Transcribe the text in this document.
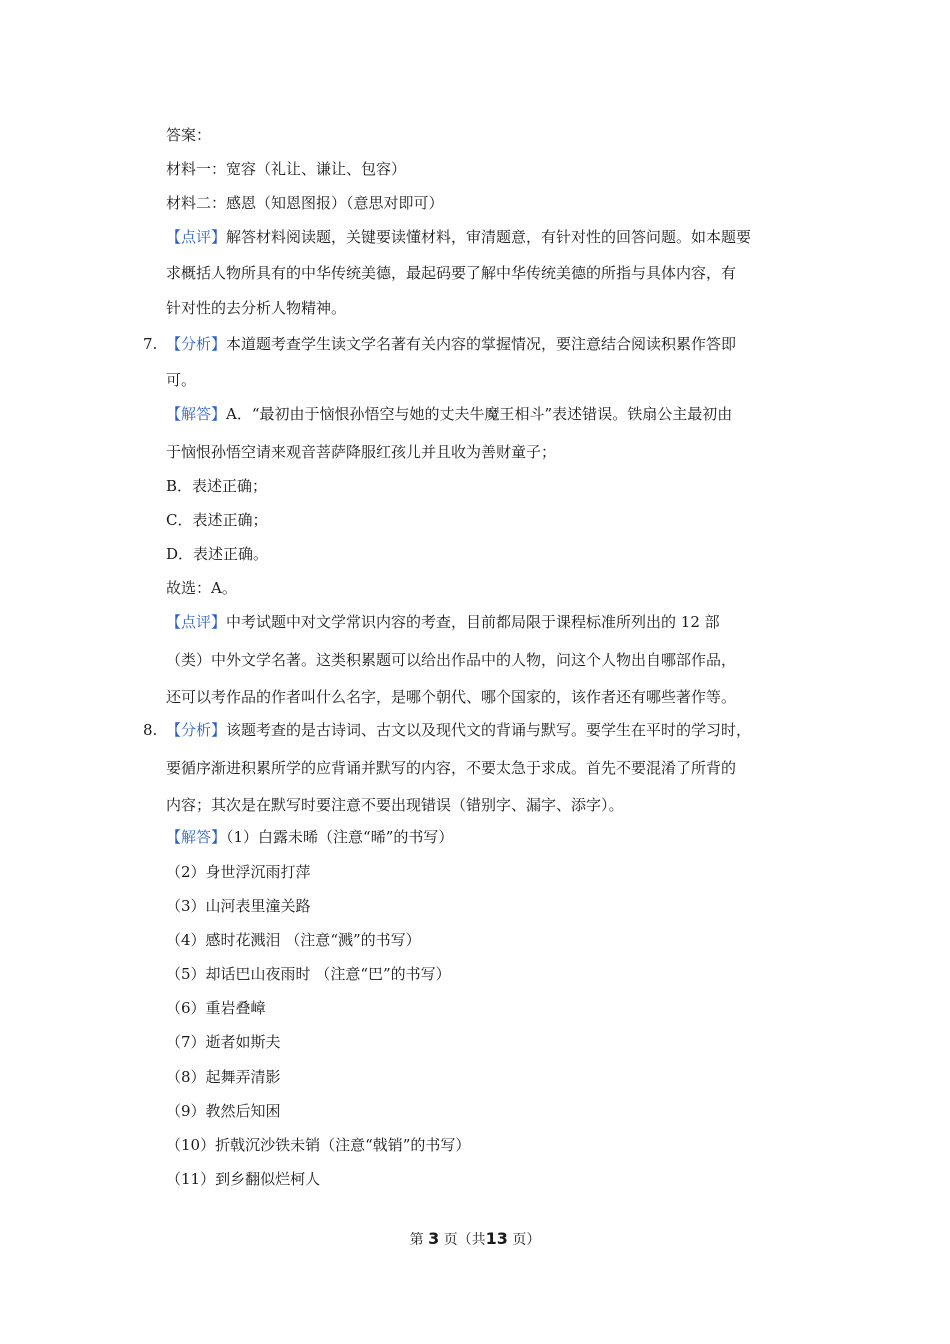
答案：
材料一：宽容（礼让、谦让、包容）
材料二：感恩（知恩图报）（意思对即可）
【点评】解答材料阅读题，关键要读懂材料，审清题意，有针对性的回答问题。如本题要
求概括人物所具有的中华传统美德，最起码要了解中华传统美德的所指与具体内容，有
针对性的去分析人物精神。
7. 【分析】本道题考查学生读文学名著有关内容的掌握情况，要注意结合阅读积累作答即
可。
【解答】A．“最初由于恼恨孙悟空与她的丈夫牛魔王相斗”表述错误。铁扇公主最初由
于恼恨孙悟空请来观音菩萨降服红孩儿并且收为善财童子；
B．表述正确；
C．表述正确；
D．表述正确。
故选：A。
【点评】中考试题中对文学常识内容的考查，目前都局限于课程标准所列出的 12 部
（类）中外文学名著。这类积累题可以给出作品中的人物，问这个人物出自哪部作品，
还可以考作品的作者叫什么名字，是哪个朝代、哪个国家的，该作者还有哪些著作等。
8. 【分析】该题考查的是古诗词、古文以及现代文的背诵与默写。要学生在平时的学习时，
要循序渐进积累所学的应背诵并默写的内容，不要太急于求成。首先不要混淆了所背的
内容；其次是在默写时要注意不要出现错误（错别字、漏字、添字）。
【解答】（1）白露未晞（注意“晞”的书写）
（2）身世浮沉雨打萍
（3）山河表里潼关路
（4）感时花溅泪 （注意“溅”的书写）
（5）却话巴山夜雨时 （注意“巴”的书写）
（6）重岩叠嶂
（7）逝者如斯夫
（8）起舞弄清影
（9）教然后知困
（10）折戟沉沙铁未销（注意“戟销”的书写）
（11）到乡翻似烂柯人
第 3 页（共13 页）
